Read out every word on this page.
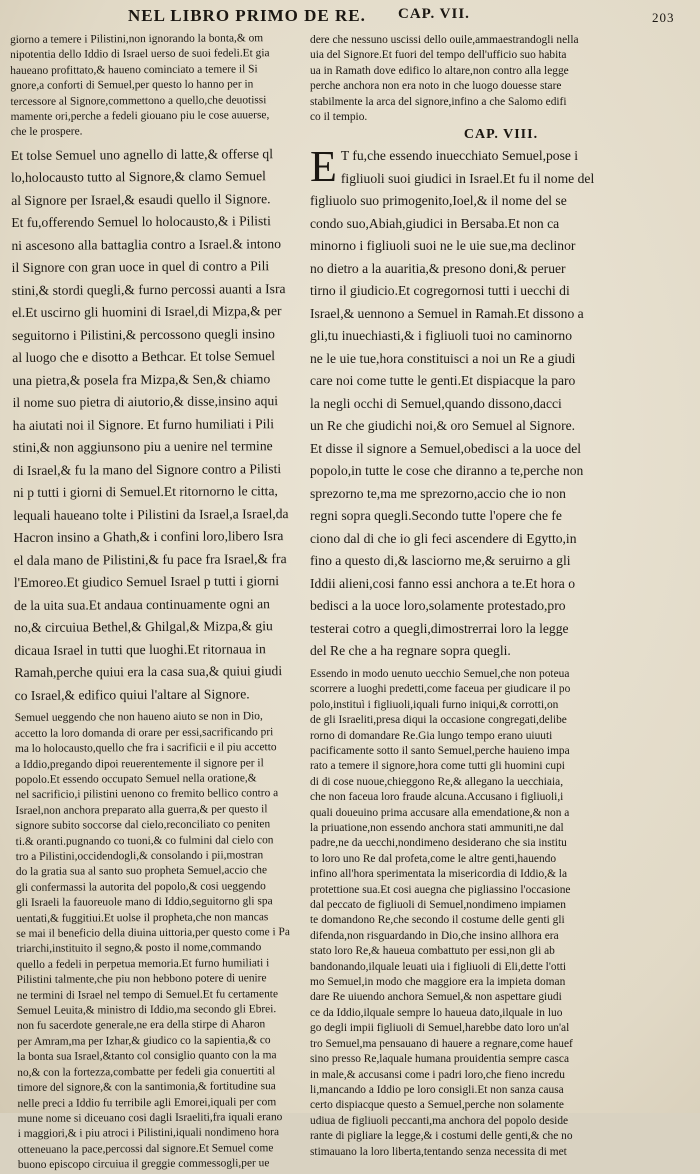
NEL LIBRO PRIMO DE RE. CAP. VII.	203
giorno a temere i Pilistini,non ignorando la bonta,& om
nipotentia dello Iddio di Israel uerso de suoi fedeli.Et gia
haueano profittato,& haueno cominciato a temere il Si
gnore,a conforti di Semuel,per questo lo hanno per in
tercessore al Signore,commettono a quello,che deuotissi
mamente ori,perche a fedeli giouano piu le cose auuerse,
che le prospere.
Et tolse Semuel uno agnello di latte,& offerse ql
lo,holocausto tutto al Signore,& clamo Semuel
al Signore per Israel,& esaudi quello il Signore.
Et fu,offerendo Semuel lo holocausto,& i Pilisti
ni ascesono alla battaglia contro a Israel.& intono
il Signore con gran uoce in quel di contro a Pili
stini,& stordi quegli,& furno percossi auanti a Isra
el.Et uscirno gli huomini di Israel,di Mizpa,& per
seguitorno i Pilistini,& percossono quegli insino
al luogo che e disotto a Bethcar. Et tolse Semuel
una pietra,& posela fra Mizpa,& Sen,& chiamo
il nome suo pietra di aiutorio,& disse,insino aqui
ha aiutati noi il Signore. Et furno humiliati i Pili
stini,& non aggiunsono piu a uenire nel termine
di Israel,& fu la mano del Signore contro a Pilisti
ni p tutti i giorni di Semuel.Et ritornorno le citta,
lequali haueano tolte i Pilistini da Israel,a Israel,da
Hacron insino a Ghath,& i confini loro,libero Isra
el dala mano de Pilistini,& fu pace fra Israel,& fra
l'Emoreo.Et giudico Semuel Israel p tutti i giorni
de la uita sua.Et andaua continuamente ogni an
no,& circuiua Bethel,& Ghilgal,& Mizpa,& giu
dicaua Israel in tutti que luoghi.Et ritornaua in
Ramah,perche quiui era la casa sua,& quiui giudi
co Israel,& edifico quiui l'altare al Signore.
Semuel ueggendo che non haueno aiuto se non in Dio,
accetto la loro domanda di orare per essi,sacrificando pri
ma lo holocausto,quello che fra i sacrificii e il piu accetto
a Iddio,pregando dipoi reuerentemente il signore per il
popolo.Et essendo occupato Semuel nella oratione,&
nel sacrificio,i pilistini uenono co fremito bellico contro a
Israel,non anchora preparato alla guerra,& per questo il
signore subito soccorse dal cielo,reconciliato co peniten
ti.& oranti.pugnando co tuoni,& co fulmini dal cielo con
tro a Pilistini,occidendogli,& consolando i pii,mostran
do la gratia sua al santo suo propheta Semuel,accio che
gli confermassi la autorita del popolo,& cosi ueggendo
gli Israeli la fauoreuole mano di Iddio,seguitorno gli spa
uentati,& fuggitiui.Et uolse il propheta,che non mancas
se mai il beneficio della diuina uittoria,per questo come i Pa
triarchi,instituito il segno,& posto il nome,commando
quello a fedeli in perpetua memoria.Et furno humiliati i
Pilistini talmente,che piu non hebbono potere di uenire
ne termini di Israel nel tempo di Semuel.Et fu certamente
Semuel Leuita,& ministro di Iddio,ma secondo gli Ebrei.
non fu sacerdote generale,ne era della stirpe di Aharon
per Amram,ma per Izhar,& giudico co la sapientia,& co
la bonta sua Israel,&tanto col consiglio quanto con la ma
no,& con la fortezza,combatte per fedeli gia conuertiti al
timore del signore,& con la santimonia,& fortitudine sua
nelle preci a Iddio fu terribile agli Emorei,iquali per com
mune nome si diceuano cosi dagli Israeliti,fra iquali erano
i maggiori,& i piu atroci i Pilistini,iquali nondimeno hora
otteneuano la pace,percossi dal signore.Et Semuel come
buono episcopo circuiua il greggie commessogli,per ue
dere che nessuno uscissi dello ouile,ammaestrandogli nella
uia del Signore.Et fuori del tempo dell'ufficio suo habita
ua in Ramath dove edifico lo altare,non contro alla legge
perche anchora non era noto in che luogo douesse stare
stabilmente la arca del signore,infino a che Salomo edifi
co il tempio.
CAP. VIII.
E T fu,che essendo inuecchiato Semuel,pose i
figliuoli suoi giudici in Israel.Et fu il nome del
figliuolo suo primogenito,Ioel,& il nome del se
condo suo,Abiah,giudici in Bersaba.Et non ca
minorno i figliuoli suoi ne le uie sue,ma declinor
no dietro a la auaritia,& presono doni,& peruer
tirno il giudicio.Et cogregornosi tutti i uecchi di
Israel,& uennono a Semuel in Ramah.Et dissono a
gli,tu inuechiasti,& i figliuoli tuoi no caminorno
ne le uie tue,hora constituisci a noi un Re a giudi
care noi come tutte le genti.Et dispiacque la paro
la negli occhi di Semuel,quando dissono,dacci
un Re che giudichi noi,& oro Semuel al Signore.
Et disse il signore a Semuel,obedisci a la uoce del
popolo,in tutte le cose che diranno a te,perche non
sprezorno te,ma me sprezorno,accio che io non
regni sopra quegli.Secondo tutte l'opere che fe
ciono dal di che io gli feci ascendere di Egytto,in
fino a questo di,& lasciorno me,& seruirno a gli
Iddii alieni,cosi fanno essi anchora a te.Et hora o
bedisci a la uoce loro,solamente protestado,pro
testerai cotro a quegli,dimostrerrai loro la legge
del Re che a ha regnare sopra quegli.
Essendo in modo uenuto uecchio Semuel,che non poteua
scorrere a luoghi predetti,come faceua per giudicare il po
polo,instituì i figliuoli,iquali furno iniqui,& corrotti,on
de gli Israeliti,presa diqui la occasione congregati,delibe
rorno di domandare Re.Gia lungo tempo erano uiuuti
pacificamente sotto il santo Semuel,perche hauieno impa
rato a temere il signore,hora come tutti gli huomini cupi
di di cose nuoue,chieggono Re,& allegano la uecchiaia,
che non faceua loro fraude alcuna.Accusano i figliuoli,i
quali doueuino prima accusare alla emendatione,& non a
la priuatione,non essendo anchora stati ammuniti,ne dal
padre,ne da uecchi,nondimeno desiderano che sia institu
to loro uno Re dal profeta,come le altre genti,hauendo
infino all'hora sperimentata la misericordia di Iddio,& la
protettione sua.Et cosi auegna che pigliassino l'occasione
dal peccato de figliuoli di Semuel,nondimeno impiamen
te domandono Re,che secondo il costume delle genti gli
difenda,non risguardando in Dio,che insino allhora era
stato loro Re,& haueua combattuto per essi,non gli ab
bandonando,ilquale leuati uia i figliuoli di Eli,dette l'otti
mo Semuel,in modo che maggiore era la impieta doman
dare Re uiuendo anchora Semuel,& non aspettare giudi
ce da Iddio,ilquale sempre lo haueua dato,ilquale in luo
go degli impii figliuoli di Semuel,harebbe dato loro un'al
tro Semuel,ma pensauano di hauere a regnare,come hauef
sino presso Re,laquale humana prouidentia sempre casca
in male,& accusansi come i padri loro,che fieno incredu
li,mancando a Iddio pe loro consigli.Et non sanza causa
certo dispiacque questo a Semuel,perche non solamente
udiua de figliuoli peccanti,ma anchora del popolo deside
rante di pigliare la legge,& i costumi delle genti,& che no
stimauano la loro liberta,tentando senza necessita di met
